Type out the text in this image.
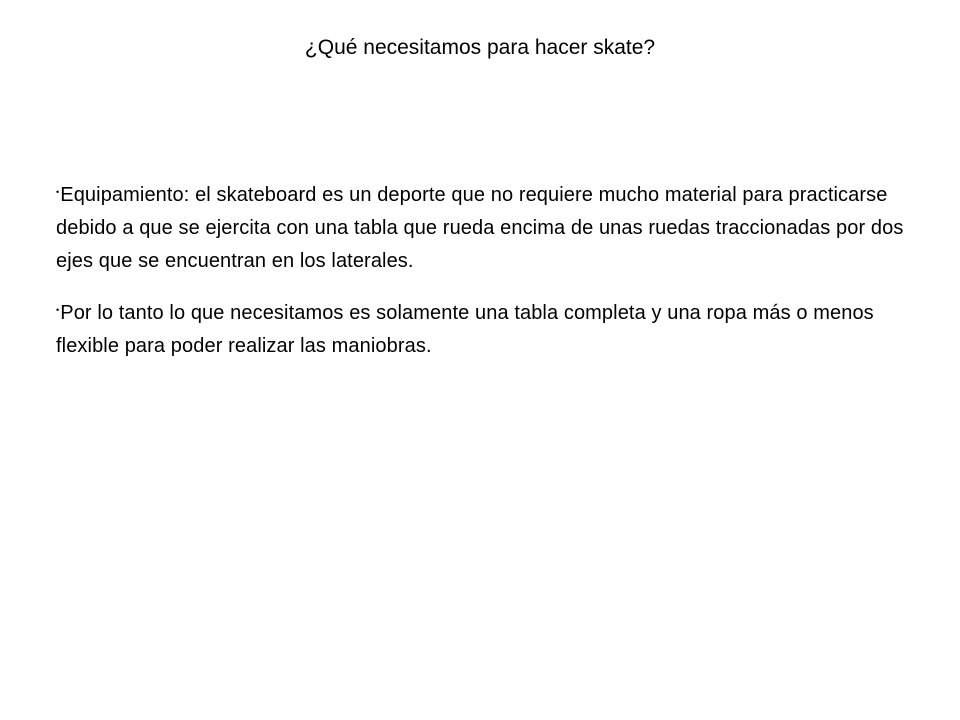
¿Qué necesitamos para hacer skate?

•Equipamiento: el skateboard es un deporte que no requiere mucho material para practicarse debido a que se ejercita con una tabla que rueda encima de unas ruedas traccionadas por dos ejes que se encuentran en los laterales.

•Por lo tanto lo que necesitamos es solamente una tabla completa y una ropa más o menos flexible para poder realizar las maniobras.
